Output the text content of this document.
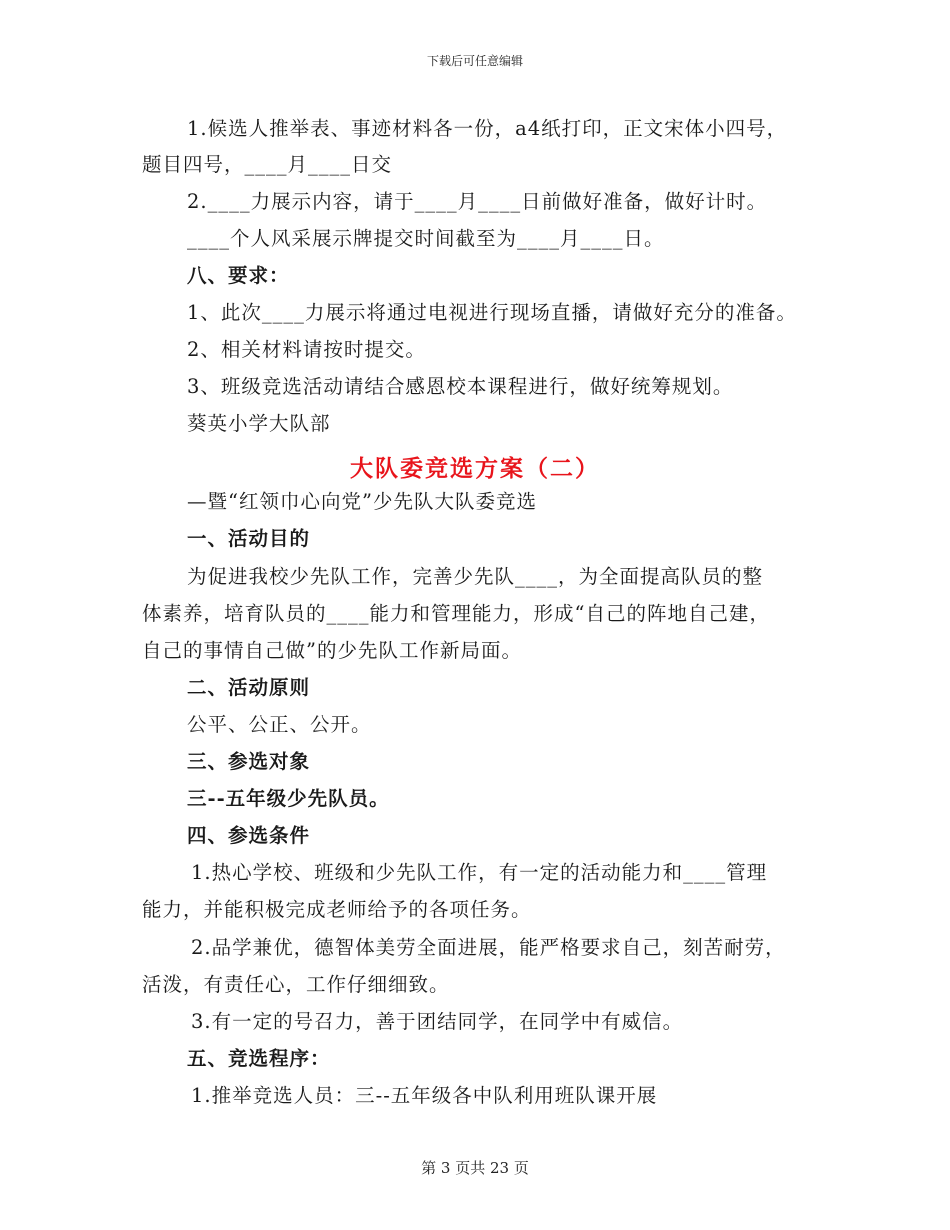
下载后可任意编辑
1.候选人推举表、事迹材料各一份，a4纸打印，正文宋体小四号，
题目四号，____月____日交
2.____力展示内容，请于____月____日前做好准备，做好计时。
____个人风采展示牌提交时间截至为____月____日。
八、要求：
1、此次____力展示将通过电视进行现场直播，请做好充分的准备。
2、相关材料请按时提交。
3、班级竞选活动请结合感恩校本课程进行，做好统筹规划。
葵英小学大队部
大队委竞选方案（二）
—暨“红领巾心向党”少先队大队委竞选
一、活动目的
为促进我校少先队工作，完善少先队____，为全面提高队员的整
体素养，培育队员的____能力和管理能力，形成“自己的阵地自己建，
自己的事情自己做”的少先队工作新局面。
二、活动原则
公平、公正、公开。
三、参选对象
三--五年级少先队员。
四、参选条件
1.热心学校、班级和少先队工作，有一定的活动能力和____管理
能力，并能积极完成老师给予的各项任务。
2.品学兼优，德智体美劳全面进展，能严格要求自己，刻苦耐劳，
活泼，有责任心，工作仔细细致。
3.有一定的号召力，善于团结同学，在同学中有威信。
五、竞选程序：
1.推举竞选人员：三--五年级各中队利用班队课开展
第 3 页共 23 页
